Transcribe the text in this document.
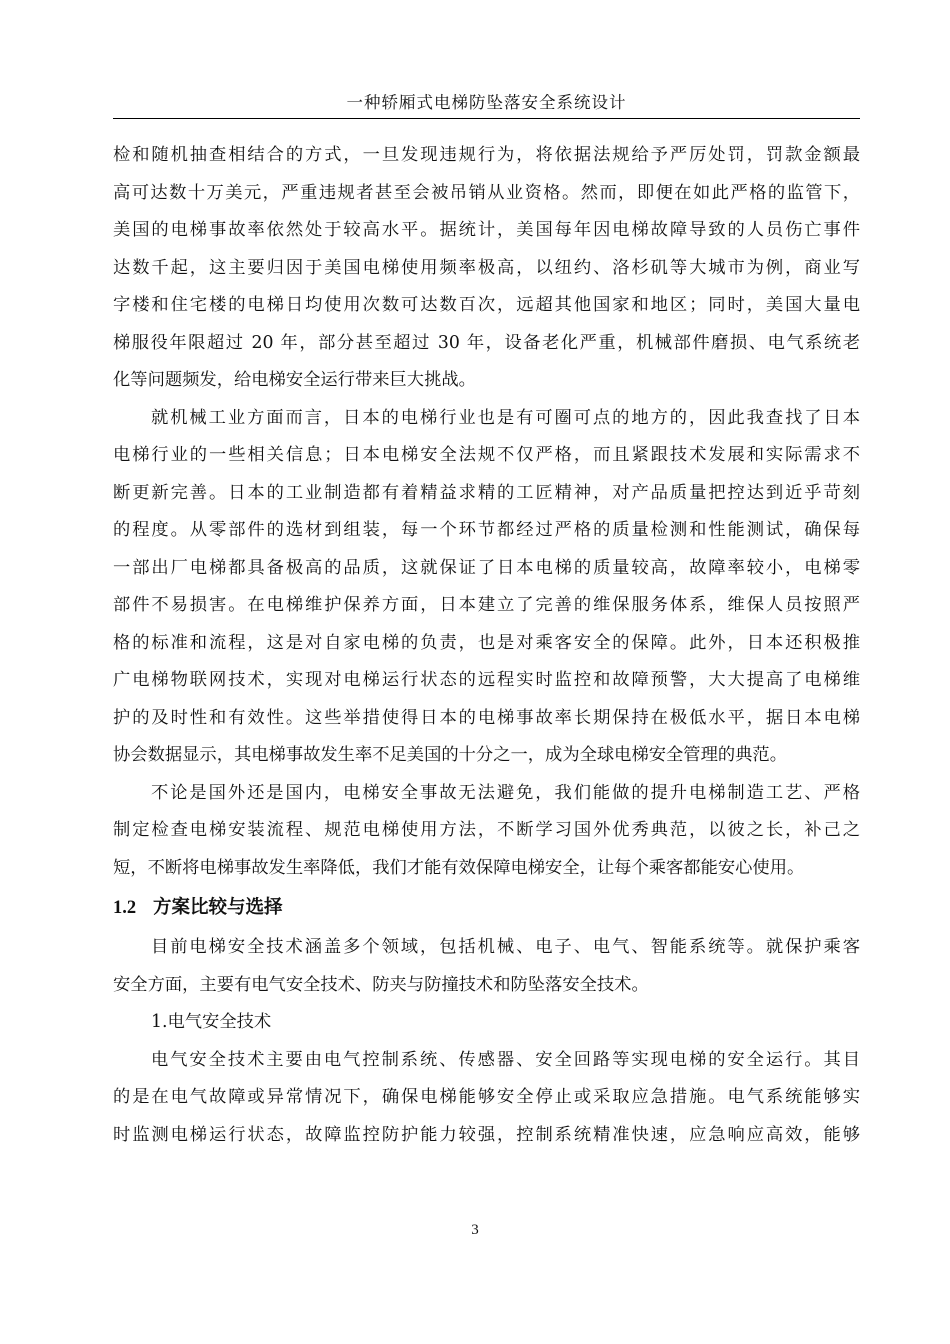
一种轿厢式电梯防坠落安全系统设计
检和随机抽查相结合的方式，一旦发现违规行为，将依据法规给予严厉处罚，罚款金额最
高可达数十万美元，严重违规者甚至会被吊销从业资格。然而，即便在如此严格的监管下，
美国的电梯事故率依然处于较高水平。据统计，美国每年因电梯故障导致的人员伤亡事件
达数千起，这主要归因于美国电梯使用频率极高，以纽约、洛杉矶等大城市为例，商业写
字楼和住宅楼的电梯日均使用次数可达数百次，远超其他国家和地区；同时，美国大量电
梯服役年限超过 20 年，部分甚至超过 30 年，设备老化严重，机械部件磨损、电气系统老
化等问题频发，给电梯安全运行带来巨大挑战。
就机械工业方面而言，日本的电梯行业也是有可圈可点的地方的，因此我查找了日本
电梯行业的一些相关信息；日本电梯安全法规不仅严格，而且紧跟技术发展和实际需求不
断更新完善。日本的工业制造都有着精益求精的工匠精神，对产品质量把控达到近乎苛刻
的程度。从零部件的选材到组装，每一个环节都经过严格的质量检测和性能测试，确保每
一部出厂电梯都具备极高的品质，这就保证了日本电梯的质量较高，故障率较小，电梯零
部件不易损害。在电梯维护保养方面，日本建立了完善的维保服务体系，维保人员按照严
格的标准和流程，这是对自家电梯的负责，也是对乘客安全的保障。此外，日本还积极推
广电梯物联网技术，实现对电梯运行状态的远程实时监控和故障预警，大大提高了电梯维
护的及时性和有效性。这些举措使得日本的电梯事故率长期保持在极低水平，据日本电梯
协会数据显示，其电梯事故发生率不足美国的十分之一，成为全球电梯安全管理的典范。
不论是国外还是国内，电梯安全事故无法避免，我们能做的提升电梯制造工艺、严格
制定检查电梯安装流程、规范电梯使用方法，不断学习国外优秀典范，以彼之长，补己之
短，不断将电梯事故发生率降低，我们才能有效保障电梯安全，让每个乘客都能安心使用。
1.2 方案比较与选择
目前电梯安全技术涵盖多个领域，包括机械、电子、电气、智能系统等。就保护乘客
安全方面，主要有电气安全技术、防夹与防撞技术和防坠落安全技术。
1.电气安全技术
电气安全技术主要由电气控制系统、传感器、安全回路等实现电梯的安全运行。其目
的是在电气故障或异常情况下，确保电梯能够安全停止或采取应急措施。电气系统能够实
时监测电梯运行状态，故障监控防护能力较强，控制系统精准快速，应急响应高效，能够
3
